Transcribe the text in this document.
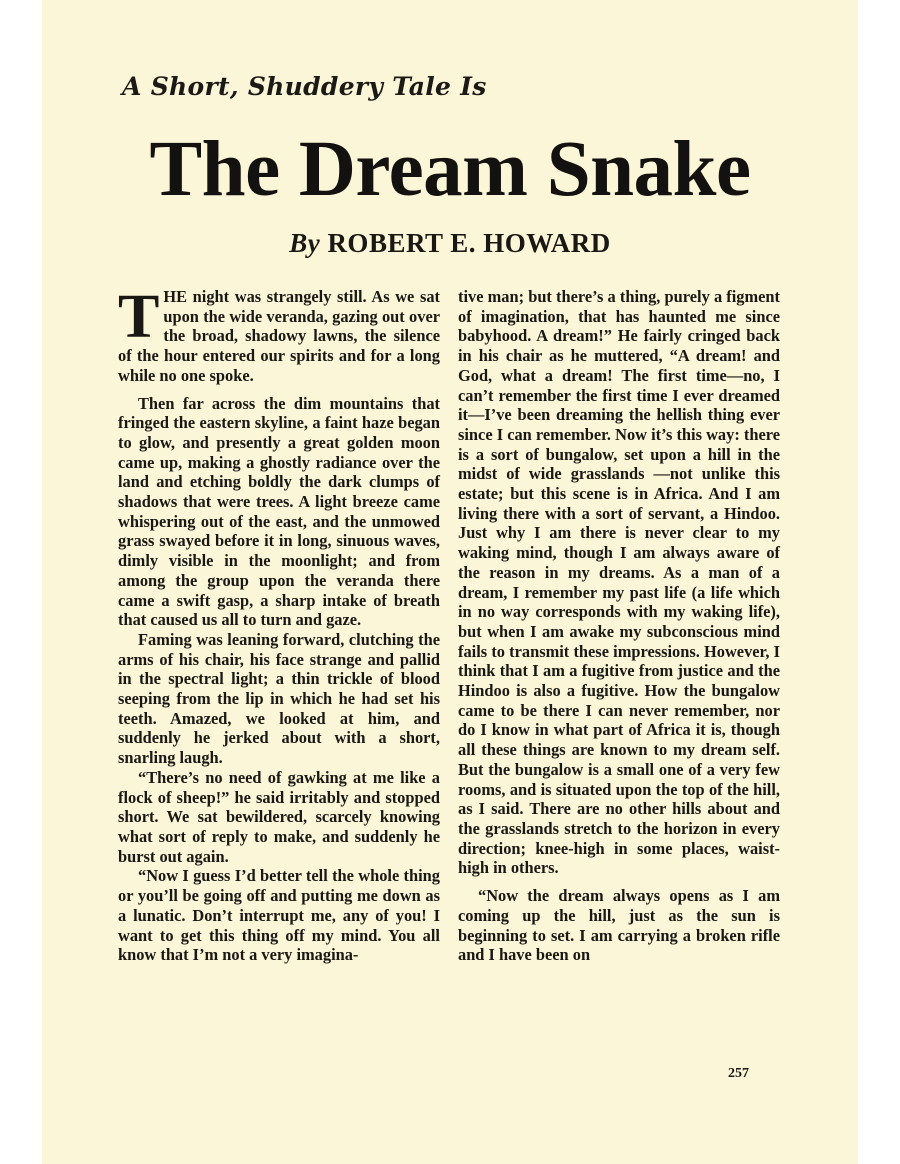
A Short, Shuddery Tale Is
The Dream Snake
By ROBERT E. HOWARD

THE night was strangely still. As we sat upon the wide veranda, gazing out over the broad, shadowy lawns, the silence of the hour entered our spirits and for a long while no one spoke.

Then far across the dim mountains that fringed the eastern skyline, a faint haze began to glow, and presently a great golden moon came up, making a ghostly radiance over the land and etching boldly the dark clumps of shadows that were trees. A light breeze came whispering out of the east, and the unmowed grass swayed before it in long, sinuous waves, dimly visible in the moonlight; and from among the group upon the veranda there came a swift gasp, a sharp intake of breath that caused us all to turn and gaze.

Faming was leaning forward, clutching the arms of his chair, his face strange and pallid in the spectral light; a thin trickle of blood seeping from the lip in which he had set his teeth. Amazed, we looked at him, and suddenly he jerked about with a short, snarling laugh.

“There’s no need of gawking at me like a flock of sheep!” he said irritably and stopped short. We sat bewildered, scarcely knowing what sort of reply to make, and suddenly he burst out again.

“Now I guess I’d better tell the whole thing or you’ll be going off and putting me down as a lunatic. Don’t interrupt me, any of you! I want to get this thing off my mind. You all know that I’m not a very imagina-

tive man; but there’s a thing, purely a figment of imagination, that has haunted me since babyhood. A dream!” He fairly cringed back in his chair as he muttered, “A dream! and God, what a dream! The first time—no, I can’t remember the first time I ever dreamed it—I’ve been dreaming the hellish thing ever since I can remember. Now it’s this way: there is a sort of bungalow, set upon a hill in the midst of wide grasslands —not unlike this estate; but this scene is in Africa. And I am living there with a sort of servant, a Hindoo. Just why I am there is never clear to my waking mind, though I am always aware of the reason in my dreams. As a man of a dream, I remember my past life (a life which in no way corresponds with my waking life), but when I am awake my subconscious mind fails to transmit these impressions. However, I think that I am a fugitive from justice and the Hindoo is also a fugitive. How the bungalow came to be there I can never remember, nor do I know in what part of Africa it is, though all these things are known to my dream self. But the bungalow is a small one of a very few rooms, and is situated upon the top of the hill, as I said. There are no other hills about and the grasslands stretch to the horizon in every direction; knee-high in some places, waist-high in others.

“Now the dream always opens as I am coming up the hill, just as the sun is beginning to set. I am carrying a broken rifle and I have been on

257
